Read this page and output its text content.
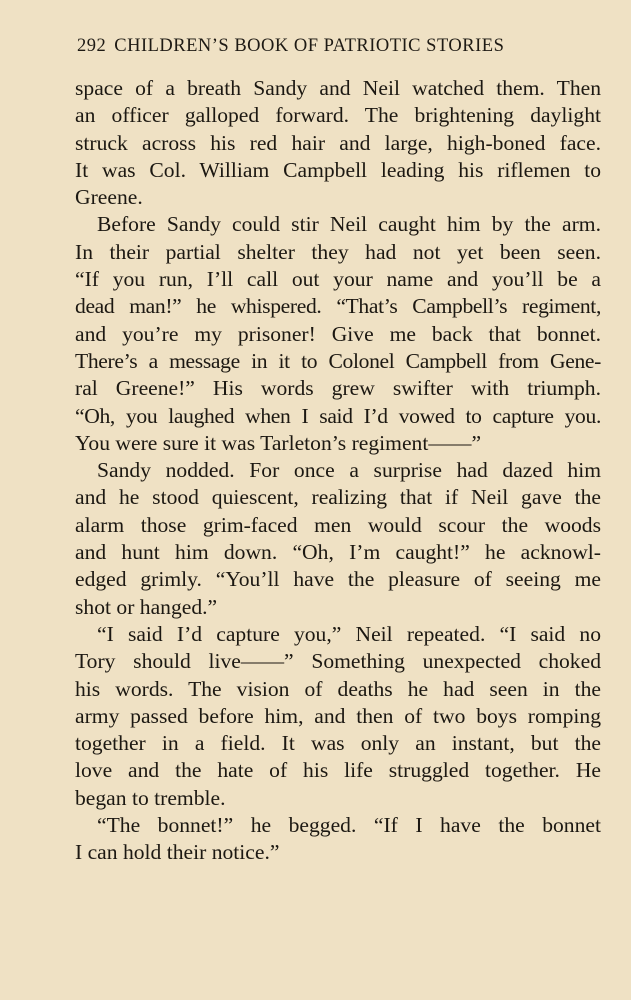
292 CHILDREN’S BOOK OF PATRIOTIC STORIES
space of a breath Sandy and Neil watched them. Then
an officer galloped forward. The brightening daylight
struck across his red hair and large, high-boned face.
It was Col. William Campbell leading his riflemen to
Greene.
Before Sandy could stir Neil caught him by the arm.
In their partial shelter they had not yet been seen.
“If you run, I’ll call out your name and you’ll be a
dead man!” he whispered. “That’s Campbell’s regiment,
and you’re my prisoner! Give me back that bonnet.
There’s a message in it to Colonel Campbell from Gene-
ral Greene!” His words grew swifter with triumph.
“Oh, you laughed when I said I’d vowed to capture you.
You were sure it was Tarleton’s regiment——”
Sandy nodded. For once a surprise had dazed him
and he stood quiescent, realizing that if Neil gave the
alarm those grim-faced men would scour the woods
and hunt him down. “Oh, I’m caught!” he acknowl-
edged grimly. “You’ll have the pleasure of seeing me
shot or hanged.”
“I said I’d capture you,” Neil repeated. “I said no
Tory should live——” Something unexpected choked
his words. The vision of deaths he had seen in the
army passed before him, and then of two boys romping
together in a field. It was only an instant, but the
love and the hate of his life struggled together. He
began to tremble.
“The bonnet!” he begged. “If I have the bonnet
I can hold their notice.”
